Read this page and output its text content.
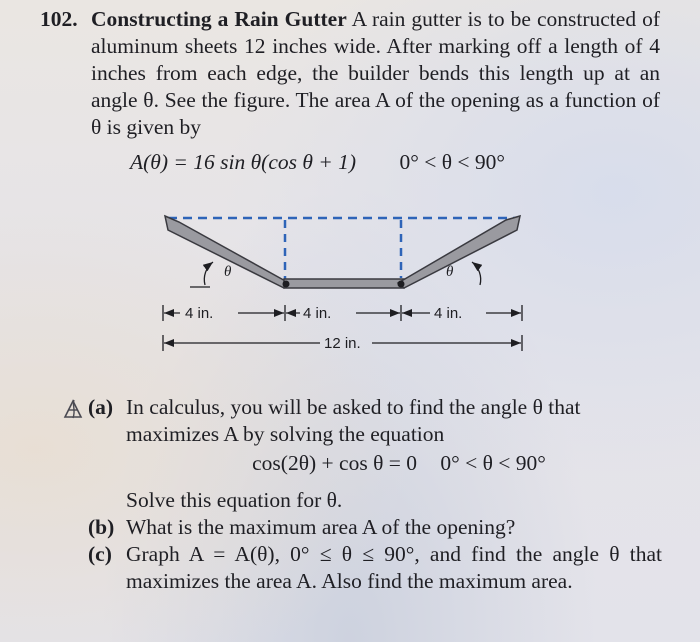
102. Constructing a Rain Gutter A rain gutter is to be constructed of aluminum sheets 12 inches wide. After marking off a length of 4 inches from each edge, the builder bends this length up at an angle θ. See the figure. The area A of the opening as a function of θ is given by
A(θ) = 16 sin θ(cos θ + 1) 0° < θ < 90°
θ	θ
4 in.	4 in.	4 in.
12 in.
(a) In calculus, you will be asked to find the angle θ that maximizes A by solving the equation
cos(2θ) + cos θ = 0 0° < θ < 90°
Solve this equation for θ.
(b) What is the maximum area A of the opening?
(c) Graph A = A(θ), 0° ≤ θ ≤ 90°, and find the angle θ that maximizes the area A. Also find the maximum area.
